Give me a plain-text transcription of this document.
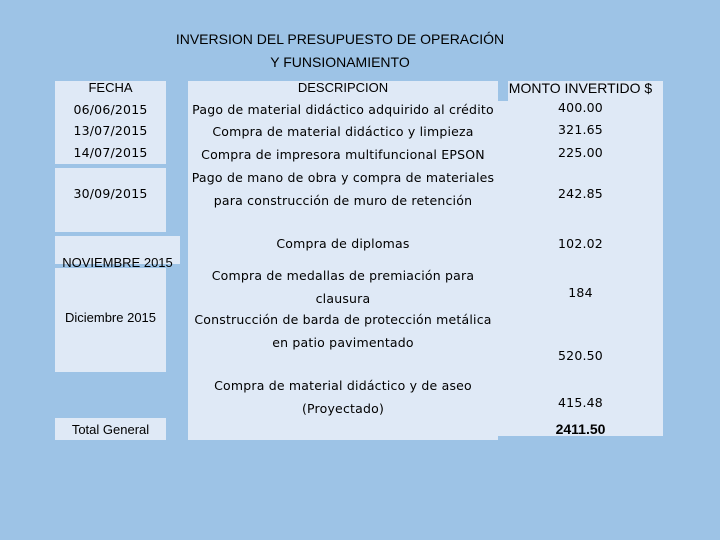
INVERSION DEL PRESUPUESTO DE OPERACIÓN
Y FUNSIONAMIENTO
FECHA	DESCRIPCION	MONTO INVERTIDO $
06/06/2015
13/07/2015
14/07/2015
30/09/2015
NOVIEMBRE 2015
Diciembre 2015
Total General
Pago de material didáctico adquirido al crédito
Compra de material didáctico y limpieza
Compra de impresora multifuncional EPSON
Pago de mano de obra y compra de materiales
para construcción de muro de retención
Compra de diplomas
Compra de medallas de premiación para
clausura
Construcción de barda de protección metálica
en patio pavimentado
Compra de material didáctico y de aseo
(Proyectado)
400.00
321.65
225.00
242.85
102.02
184
520.50
415.48
2411.50
